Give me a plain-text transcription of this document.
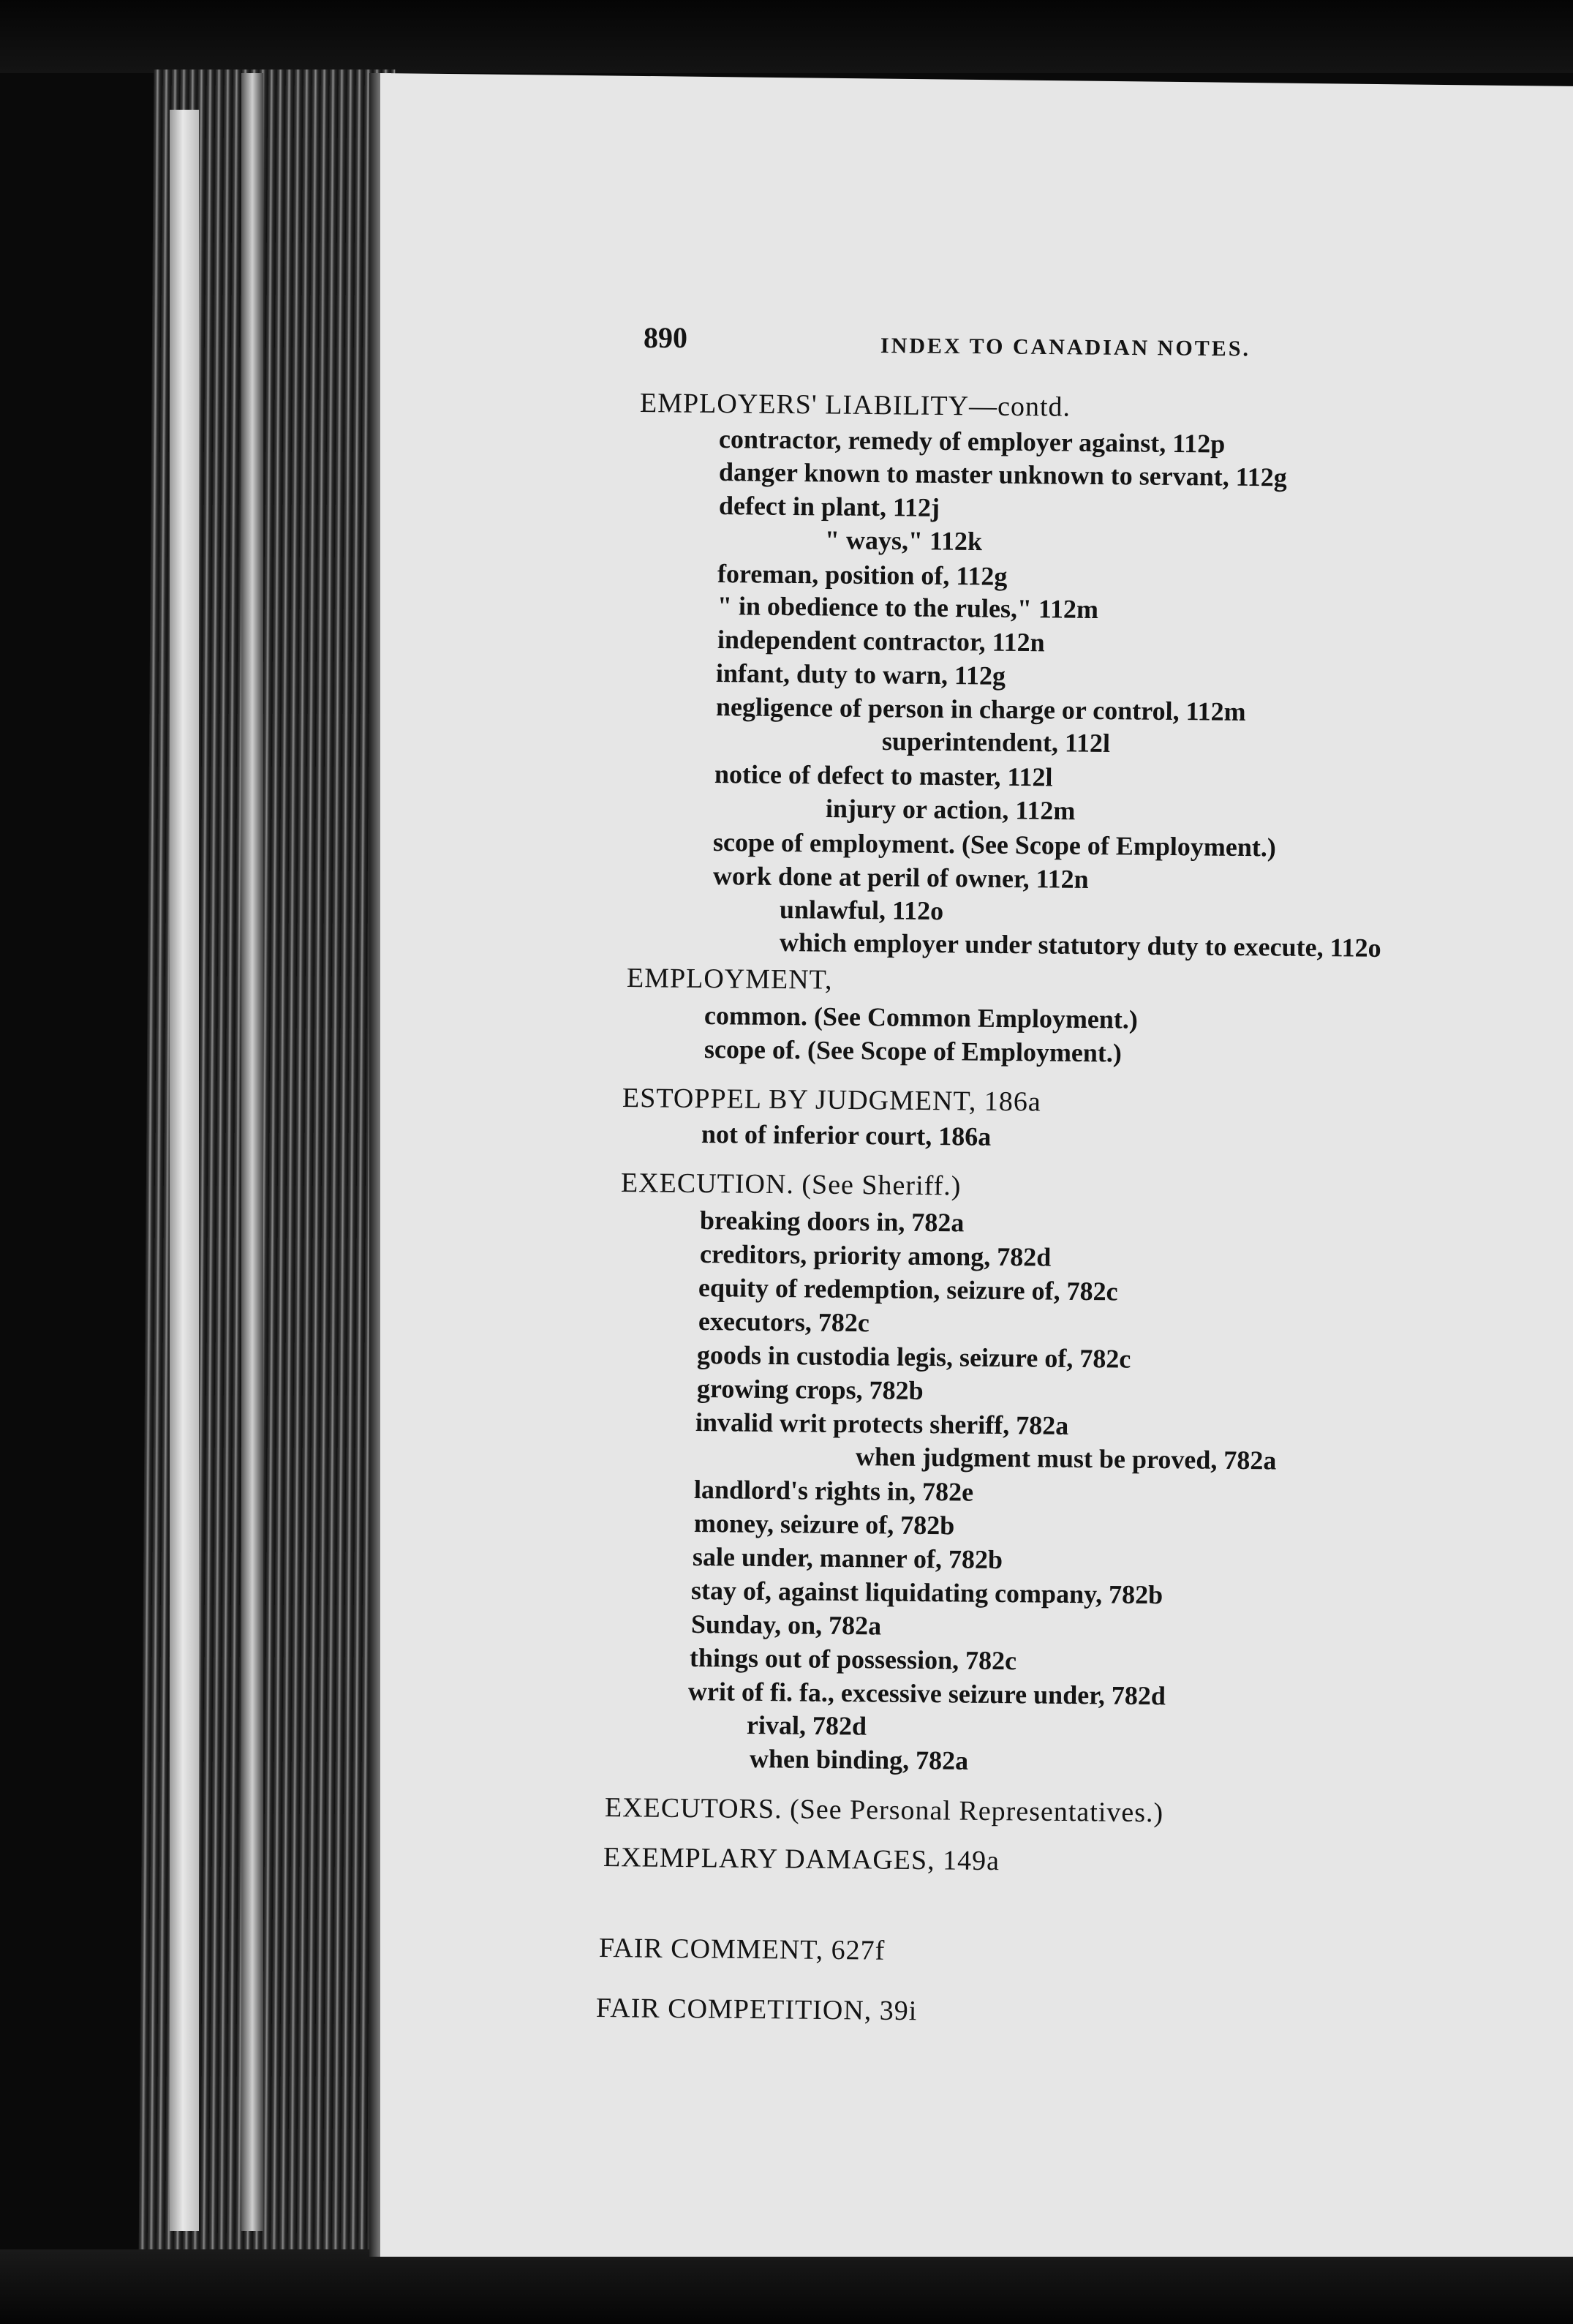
890	INDEX TO CANADIAN NOTES.
EMPLOYERS' LIABILITY—contd.
contractor, remedy of employer against, 112p
danger known to master unknown to servant, 112g
defect in plant, 112j
" ways," 112k
foreman, position of, 112g
" in obedience to the rules," 112m
independent contractor, 112n
infant, duty to warn, 112g
negligence of person in charge or control, 112m
superintendent, 112l
notice of defect to master, 112l
injury or action, 112m
scope of employment. (See Scope of Employment.)
work done at peril of owner, 112n
unlawful, 112o
which employer under statutory duty to execute, 112o
EMPLOYMENT,
common. (See Common Employment.)
scope of. (See Scope of Employment.)
ESTOPPEL BY JUDGMENT, 186a
not of inferior court, 186a
EXECUTION. (See Sheriff.)
breaking doors in, 782a
creditors, priority among, 782d
equity of redemption, seizure of, 782c
executors, 782c
goods in custodia legis, seizure of, 782c
growing crops, 782b
invalid writ protects sheriff, 782a
when judgment must be proved, 782a
landlord's rights in, 782e
money, seizure of, 782b
sale under, manner of, 782b
stay of, against liquidating company, 782b
Sunday, on, 782a
things out of possession, 782c
writ of fi. fa., excessive seizure under, 782d
rival, 782d
when binding, 782a
EXECUTORS. (See Personal Representatives.)
EXEMPLARY DAMAGES, 149a
FAIR COMMENT, 627f
FAIR COMPETITION, 39i
